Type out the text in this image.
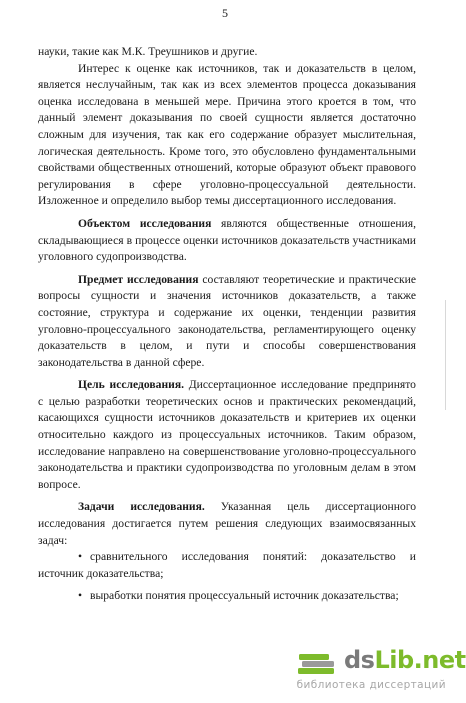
5

науки, такие как М.К. Треушников и другие.

Интерес к оценке как источников, так и доказательств в целом, является неслучайным, так как из всех элементов процесса доказывания оценка исследована в меньшей мере. Причина этого кроется в том, что данный элемент доказывания по своей сущности является достаточно сложным для изучения, так как его содержание образует мыслительная, логическая деятельность. Кроме того, это обусловлено фундаментальными свойствами общественных отношений, которые образуют объект правового регулирования в сфере уголовно-процессуальной деятельности. Изложенное и определило выбор темы диссертационного исследования.

Объектом исследования являются общественные отношения, складывающиеся в процессе оценки источников доказательств участниками уголовного судопроизводства.

Предмет исследования составляют теоретические и практические вопросы сущности и значения источников доказательств, а также состояние, структура и содержание их оценки, тенденции развития уголовно-процессуального законодательства, регламентирующего оценку доказательств в целом, и пути и способы совершенствования законодательства в данной сфере.

Цель исследования. Диссертационное исследование предпринято с целью разработки теоретических основ и практических рекомендаций, касающихся сущности источников доказательств и критериев их оценки относительно каждого из процессуальных источников. Таким образом, исследование направлено на совершенствование уголовно-процессуального законодательства и практики судопроизводства по уголовным делам в этом вопросе.

Задачи исследования. Указанная цель диссертационного исследования достигается путем решения следующих взаимосвязанных задач:

• сравнительного исследования понятий: доказательство и источник доказательства;

• выработки понятия процессуальный источник доказательства;

dsLib.net
библиотека диссертаций
